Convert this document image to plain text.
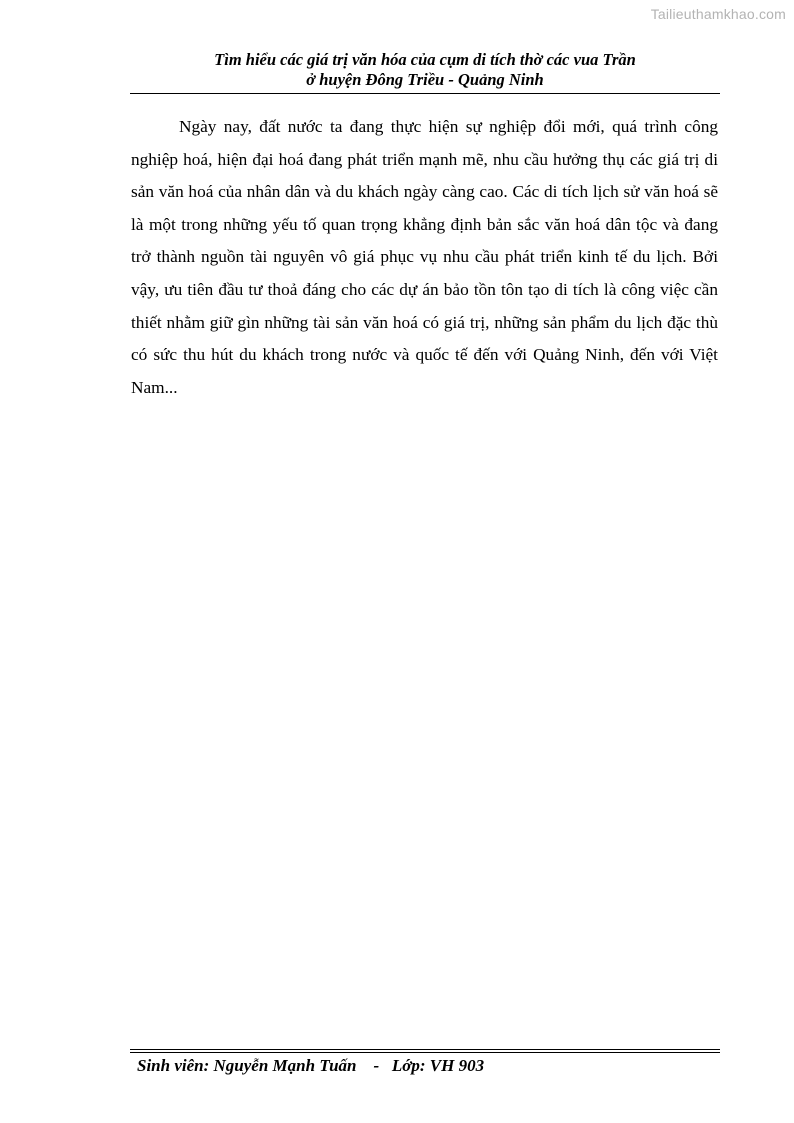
Tailieuthamkhao.com
Tìm hiểu các giá trị văn hóa của cụm di tích thờ các vua Trần
ở huyện Đông Triều - Quảng Ninh

Ngày nay, đất nước ta đang thực hiện sự nghiệp đổi mới, quá trình công nghiệp hoá, hiện đại hoá đang phát triển mạnh mẽ, nhu cầu hưởng thụ các giá trị di sản văn hoá của nhân dân và du khách ngày càng cao. Các di tích lịch sử văn hoá sẽ là một trong những yếu tố quan trọng khẳng định bản sắc văn hoá dân tộc và đang trở thành nguồn tài nguyên vô giá phục vụ nhu cầu phát triển kinh tế du lịch. Bởi vậy, ưu tiên đầu tư thoả đáng cho các dự án bảo tồn tôn tạo di tích là công việc cần thiết nhằm giữ gìn những tài sản văn hoá có giá trị, những sản phẩm du lịch đặc thù có sức thu hút du khách trong nước và quốc tế đến với Quảng Ninh, đến với Việt Nam...

Sinh viên: Nguyễn Mạnh Tuấn    -   Lớp: VH 903
